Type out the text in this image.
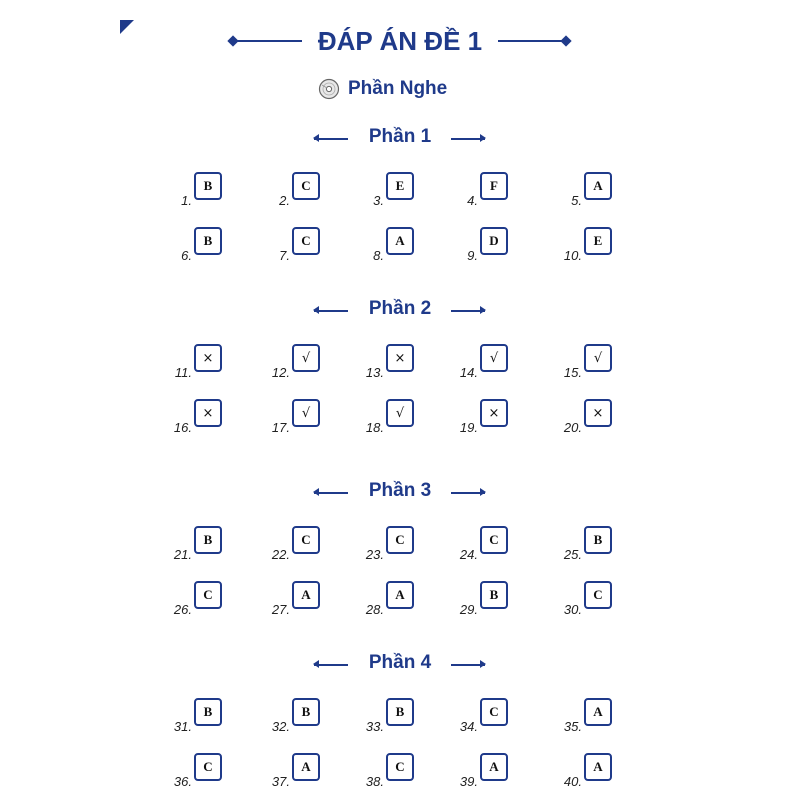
ĐÁP ÁN ĐỀ 1
Phần Nghe
Phần 1
1.
B
2.
C
3.
E
4.
F
5.
A
6.
B
7.
C
8.
A
9.
D
10.
E
Phần 2
11.
×
12.
√
13.
×
14.
√
15.
√
16.
×
17.
√
18.
√
19.
×
20.
×
Phần 3
21.
B
22.
C
23.
C
24.
C
25.
B
26.
C
27.
A
28.
A
29.
B
30.
C
Phần 4
31.
B
32.
B
33.
B
34.
C
35.
A
36.
C
37.
A
38.
C
39.
A
40.
A
